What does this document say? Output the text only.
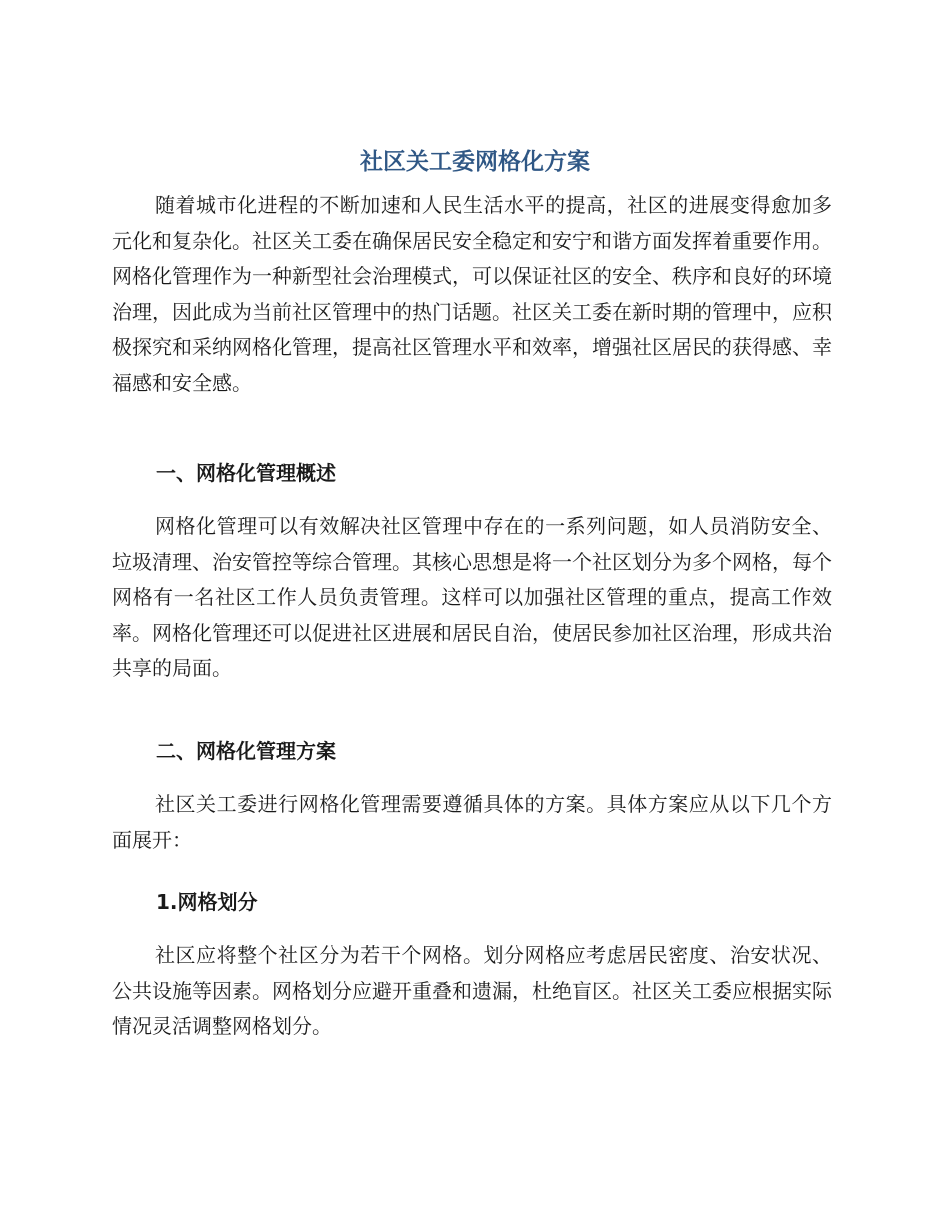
社区关工委网格化方案

随着城市化进程的不断加速和人民生活水平的提高，社区的进展变得愈加多元化和复杂化。社区关工委在确保居民安全稳定和安宁和谐方面发挥着重要作用。网格化管理作为一种新型社会治理模式，可以保证社区的安全、秩序和良好的环境治理，因此成为当前社区管理中的热门话题。社区关工委在新时期的管理中，应积极探究和采纳网格化管理，提高社区管理水平和效率，增强社区居民的获得感、幸福感和安全感。

一、网格化管理概述

网格化管理可以有效解决社区管理中存在的一系列问题，如人员消防安全、垃圾清理、治安管控等综合管理。其核心思想是将一个社区划分为多个网格，每个网格有一名社区工作人员负责管理。这样可以加强社区管理的重点，提高工作效率。网格化管理还可以促进社区进展和居民自治，使居民参加社区治理，形成共治共享的局面。

二、网格化管理方案

社区关工委进行网格化管理需要遵循具体的方案。具体方案应从以下几个方面展开：

1.网格划分

社区应将整个社区分为若干个网格。划分网格应考虑居民密度、治安状况、公共设施等因素。网格划分应避开重叠和遗漏，杜绝盲区。社区关工委应根据实际情况灵活调整网格划分。
